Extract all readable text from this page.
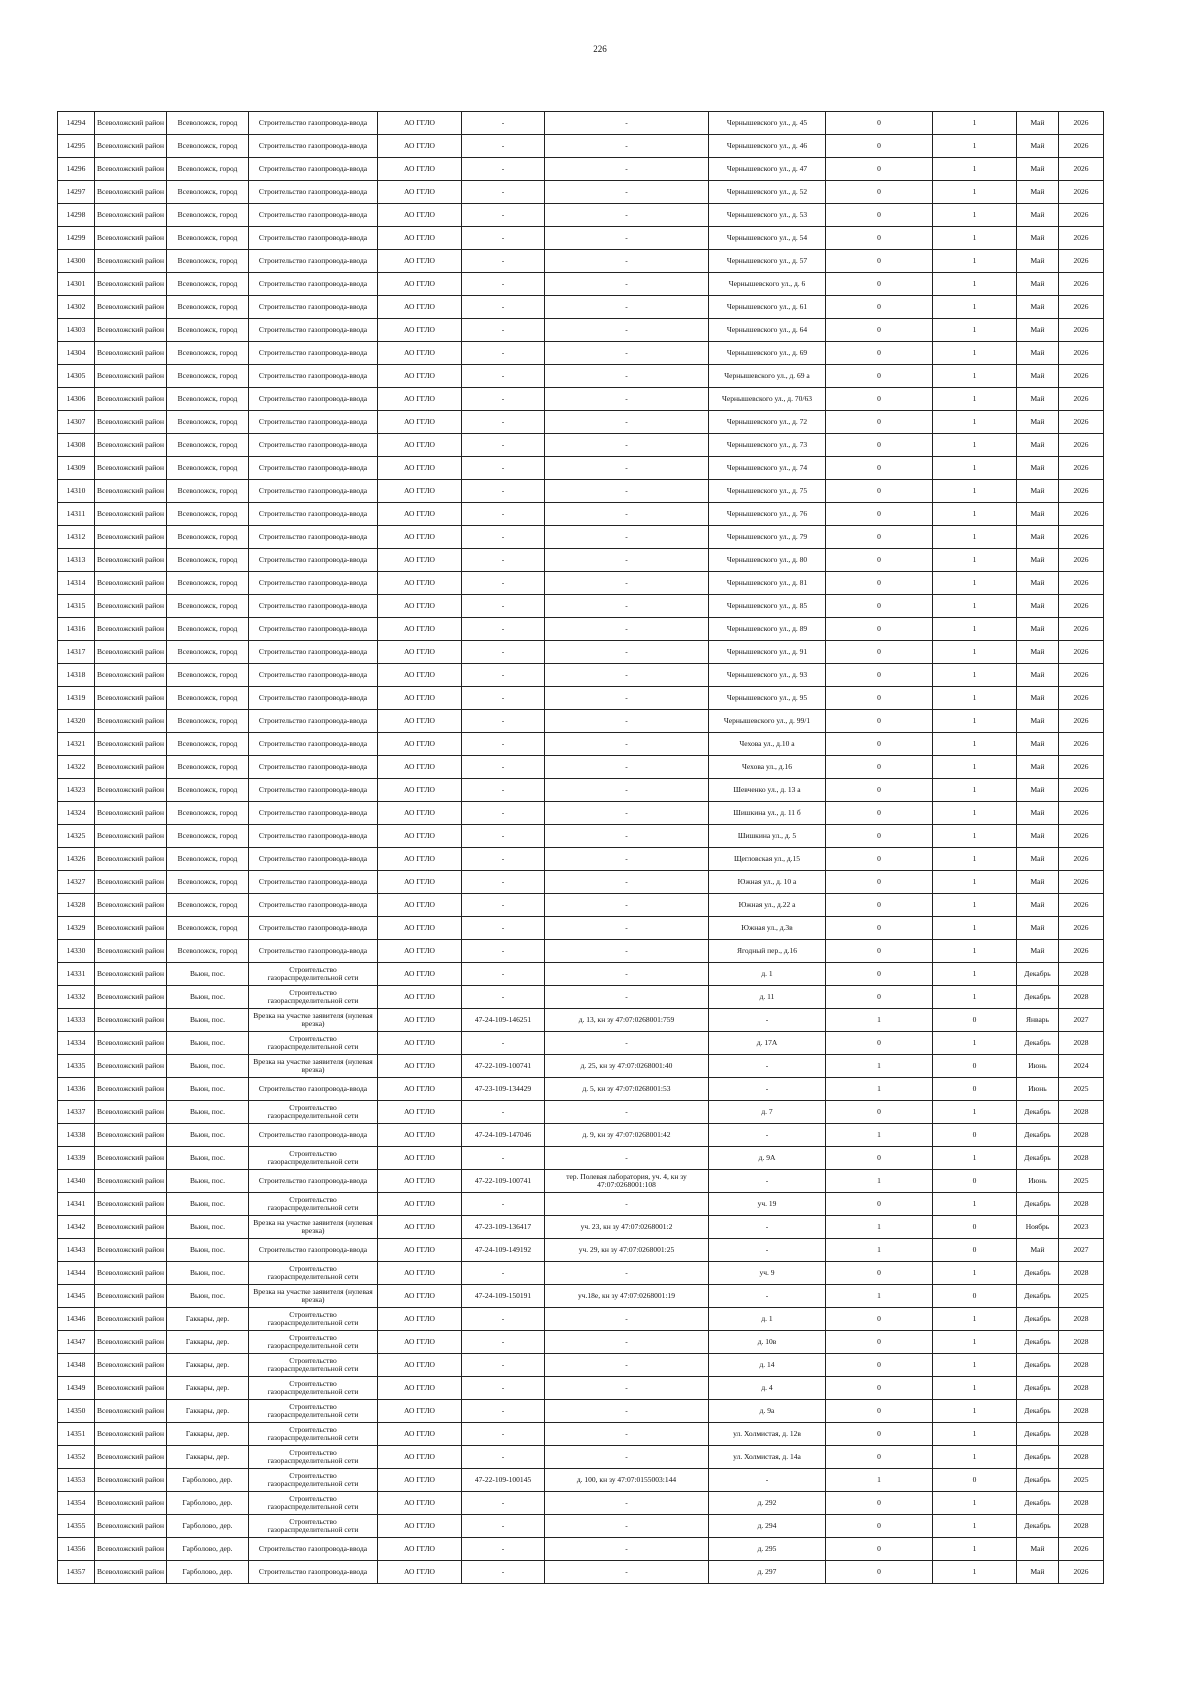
226
14294	Всеволожский район	Всеволожск, город	Строительство газопровода-ввода	АО ГГЛО	-	-	Чернышевского ул., д. 45	0	1	Май	2026
14295	Всеволожский район	Всеволожск, город	Строительство газопровода-ввода	АО ГГЛО	-	-	Чернышевского ул., д. 46	0	1	Май	2026
14296	Всеволожский район	Всеволожск, город	Строительство газопровода-ввода	АО ГГЛО	-	-	Чернышевского ул., д. 47	0	1	Май	2026
14297	Всеволожский район	Всеволожск, город	Строительство газопровода-ввода	АО ГГЛО	-	-	Чернышевского ул., д. 52	0	1	Май	2026
14298	Всеволожский район	Всеволожск, город	Строительство газопровода-ввода	АО ГГЛО	-	-	Чернышевского ул., д. 53	0	1	Май	2026
14299	Всеволожский район	Всеволожск, город	Строительство газопровода-ввода	АО ГГЛО	-	-	Чернышевского ул., д. 54	0	1	Май	2026
14300	Всеволожский район	Всеволожск, город	Строительство газопровода-ввода	АО ГГЛО	-	-	Чернышевского ул., д. 57	0	1	Май	2026
14301	Всеволожский район	Всеволожск, город	Строительство газопровода-ввода	АО ГГЛО	-	-	Чернышевского ул., д. 6	0	1	Май	2026
14302	Всеволожский район	Всеволожск, город	Строительство газопровода-ввода	АО ГГЛО	-	-	Чернышевского ул., д. 61	0	1	Май	2026
14303	Всеволожский район	Всеволожск, город	Строительство газопровода-ввода	АО ГГЛО	-	-	Чернышевского ул., д. 64	0	1	Май	2026
14304	Всеволожский район	Всеволожск, город	Строительство газопровода-ввода	АО ГГЛО	-	-	Чернышевского ул., д. 69	0	1	Май	2026
14305	Всеволожский район	Всеволожск, город	Строительство газопровода-ввода	АО ГГЛО	-	-	Чернышевского ул., д. 69 а	0	1	Май	2026
14306	Всеволожский район	Всеволожск, город	Строительство газопровода-ввода	АО ГГЛО	-	-	Чернышевского ул., д. 70/63	0	1	Май	2026
14307	Всеволожский район	Всеволожск, город	Строительство газопровода-ввода	АО ГГЛО	-	-	Чернышевского ул., д. 72	0	1	Май	2026
14308	Всеволожский район	Всеволожск, город	Строительство газопровода-ввода	АО ГГЛО	-	-	Чернышевского ул., д. 73	0	1	Май	2026
14309	Всеволожский район	Всеволожск, город	Строительство газопровода-ввода	АО ГГЛО	-	-	Чернышевского ул., д. 74	0	1	Май	2026
14310	Всеволожский район	Всеволожск, город	Строительство газопровода-ввода	АО ГГЛО	-	-	Чернышевского ул., д. 75	0	1	Май	2026
14311	Всеволожский район	Всеволожск, город	Строительство газопровода-ввода	АО ГГЛО	-	-	Чернышевского ул., д. 76	0	1	Май	2026
14312	Всеволожский район	Всеволожск, город	Строительство газопровода-ввода	АО ГГЛО	-	-	Чернышевского ул., д. 79	0	1	Май	2026
14313	Всеволожский район	Всеволожск, город	Строительство газопровода-ввода	АО ГГЛО	-	-	Чернышевского ул., д. 80	0	1	Май	2026
14314	Всеволожский район	Всеволожск, город	Строительство газопровода-ввода	АО ГГЛО	-	-	Чернышевского ул., д. 81	0	1	Май	2026
14315	Всеволожский район	Всеволожск, город	Строительство газопровода-ввода	АО ГГЛО	-	-	Чернышевского ул., д. 85	0	1	Май	2026
14316	Всеволожский район	Всеволожск, город	Строительство газопровода-ввода	АО ГГЛО	-	-	Чернышевского ул., д. 89	0	1	Май	2026
14317	Всеволожский район	Всеволожск, город	Строительство газопровода-ввода	АО ГГЛО	-	-	Чернышевского ул., д. 91	0	1	Май	2026
14318	Всеволожский район	Всеволожск, город	Строительство газопровода-ввода	АО ГГЛО	-	-	Чернышевского ул., д. 93	0	1	Май	2026
14319	Всеволожский район	Всеволожск, город	Строительство газопровода-ввода	АО ГГЛО	-	-	Чернышевского ул., д. 95	0	1	Май	2026
14320	Всеволожский район	Всеволожск, город	Строительство газопровода-ввода	АО ГГЛО	-	-	Чернышевского ул., д. 99/1	0	1	Май	2026
14321	Всеволожский район	Всеволожск, город	Строительство газопровода-ввода	АО ГГЛО	-	-	Чехова ул., д.10 а	0	1	Май	2026
14322	Всеволожский район	Всеволожск, город	Строительство газопровода-ввода	АО ГГЛО	-	-	Чехова ул., д.16	0	1	Май	2026
14323	Всеволожский район	Всеволожск, город	Строительство газопровода-ввода	АО ГГЛО	-	-	Шевченко ул., д. 13 а	0	1	Май	2026
14324	Всеволожский район	Всеволожск, город	Строительство газопровода-ввода	АО ГГЛО	-	-	Шишкина ул., д. 11 б	0	1	Май	2026
14325	Всеволожский район	Всеволожск, город	Строительство газопровода-ввода	АО ГГЛО	-	-	Шишкина ул., д. 5	0	1	Май	2026
14326	Всеволожский район	Всеволожск, город	Строительство газопровода-ввода	АО ГГЛО	-	-	Щегловская ул., д.15	0	1	Май	2026
14327	Всеволожский район	Всеволожск, город	Строительство газопровода-ввода	АО ГГЛО	-	-	Южная ул., д. 10 а	0	1	Май	2026
14328	Всеволожский район	Всеволожск, город	Строительство газопровода-ввода	АО ГГЛО	-	-	Южная ул., д.22 а	0	1	Май	2026
14329	Всеволожский район	Всеволожск, город	Строительство газопровода-ввода	АО ГГЛО	-	-	Южная ул., д.3в	0	1	Май	2026
14330	Всеволожский район	Всеволожск, город	Строительство газопровода-ввода	АО ГГЛО	-	-	Ягодный пер., д.16	0	1	Май	2026
14331	Всеволожский район	Вьюн, пос.	Строительство газораспределительной сети	АО ГГЛО	-	-	д. 1	0	1	Декабрь	2028
14332	Всеволожский район	Вьюн, пос.	Строительство газораспределительной сети	АО ГГЛО	-	-	д. 11	0	1	Декабрь	2028
14333	Всеволожский район	Вьюн, пос.	Врезка на участке заявителя (нулевая врезка)	АО ГГЛО	47-24-109-146251	д. 13, кн зу 47:07:0268001:759	-	1	0	Январь	2027
14334	Всеволожский район	Вьюн, пос.	Строительство газораспределительной сети	АО ГГЛО	-	-	д. 17А	0	1	Декабрь	2028
14335	Всеволожский район	Вьюн, пос.	Врезка на участке заявителя (нулевая врезка)	АО ГГЛО	47-22-109-100741	д. 25, кн зу 47:07:0268001:40	-	1	0	Июнь	2024
14336	Всеволожский район	Вьюн, пос.	Строительство газопровода-ввода	АО ГГЛО	47-23-109-134429	д. 5, кн зу 47:07:0268001:53	-	1	0	Июнь	2025
14337	Всеволожский район	Вьюн, пос.	Строительство газораспределительной сети	АО ГГЛО	-	-	д. 7	0	1	Декабрь	2028
14338	Всеволожский район	Вьюн, пос.	Строительство газопровода-ввода	АО ГГЛО	47-24-109-147046	д. 9, кн зу 47:07:0268001:42	-	1	0	Декабрь	2028
14339	Всеволожский район	Вьюн, пос.	Строительство газораспределительной сети	АО ГГЛО	-	-	д. 9А	0	1	Декабрь	2028
14340	Всеволожский район	Вьюн, пос.	Строительство газопровода-ввода	АО ГГЛО	47-22-109-100741	тер. Полевая лаборатория, уч. 4, кн зу 47:07:0268001:108	-	1	0	Июнь	2025
14341	Всеволожский район	Вьюн, пос.	Строительство газораспределительной сети	АО ГГЛО	-	-	уч. 19	0	1	Декабрь	2028
14342	Всеволожский район	Вьюн, пос.	Врезка на участке заявителя (нулевая врезка)	АО ГГЛО	47-23-109-136417	уч. 23, кн зу 47:07:0268001:2	-	1	0	Ноябрь	2023
14343	Всеволожский район	Вьюн, пос.	Строительство газопровода-ввода	АО ГГЛО	47-24-109-149192	уч. 29, кн зу 47:07:0268001:25	-	1	0	Май	2027
14344	Всеволожский район	Вьюн, пос.	Строительство газораспределительной сети	АО ГГЛО	-	-	уч. 9	0	1	Декабрь	2028
14345	Всеволожский район	Вьюн, пос.	Врезка на участке заявителя (нулевая врезка)	АО ГГЛО	47-24-109-150191	уч.18е, кн зу 47:07:0268001:19	-	1	0	Декабрь	2025
14346	Всеволожский район	Гаккары, дер.	Строительство газораспределительной сети	АО ГГЛО	-	-	д. 1	0	1	Декабрь	2028
14347	Всеволожский район	Гаккары, дер.	Строительство газораспределительной сети	АО ГГЛО	-	-	д. 10в	0	1	Декабрь	2028
14348	Всеволожский район	Гаккары, дер.	Строительство газораспределительной сети	АО ГГЛО	-	-	д. 14	0	1	Декабрь	2028
14349	Всеволожский район	Гаккары, дер.	Строительство газораспределительной сети	АО ГГЛО	-	-	д. 4	0	1	Декабрь	2028
14350	Всеволожский район	Гаккары, дер.	Строительство газораспределительной сети	АО ГГЛО	-	-	д. 9а	0	1	Декабрь	2028
14351	Всеволожский район	Гаккары, дер.	Строительство газораспределительной сети	АО ГГЛО	-	-	ул. Холмистая, д. 12в	0	1	Декабрь	2028
14352	Всеволожский район	Гаккары, дер.	Строительство газораспределительной сети	АО ГГЛО	-	-	ул. Холмистая, д. 14а	0	1	Декабрь	2028
14353	Всеволожский район	Гарболово, дер.	Строительство газораспределительной сети	АО ГГЛО	47-22-109-100145	д. 100, кн зу 47:07:0155003:144	-	1	0	Декабрь	2025
14354	Всеволожский район	Гарболово, дер.	Строительство газораспределительной сети	АО ГГЛО	-	-	д. 292	0	1	Декабрь	2028
14355	Всеволожский район	Гарболово, дер.	Строительство газораспределительной сети	АО ГГЛО	-	-	д. 294	0	1	Декабрь	2028
14356	Всеволожский район	Гарболово, дер.	Строительство газопровода-ввода	АО ГГЛО	-	-	д. 295	0	1	Май	2026
14357	Всеволожский район	Гарболово, дер.	Строительство газопровода-ввода	АО ГГЛО	-	-	д. 297	0	1	Май	2026
